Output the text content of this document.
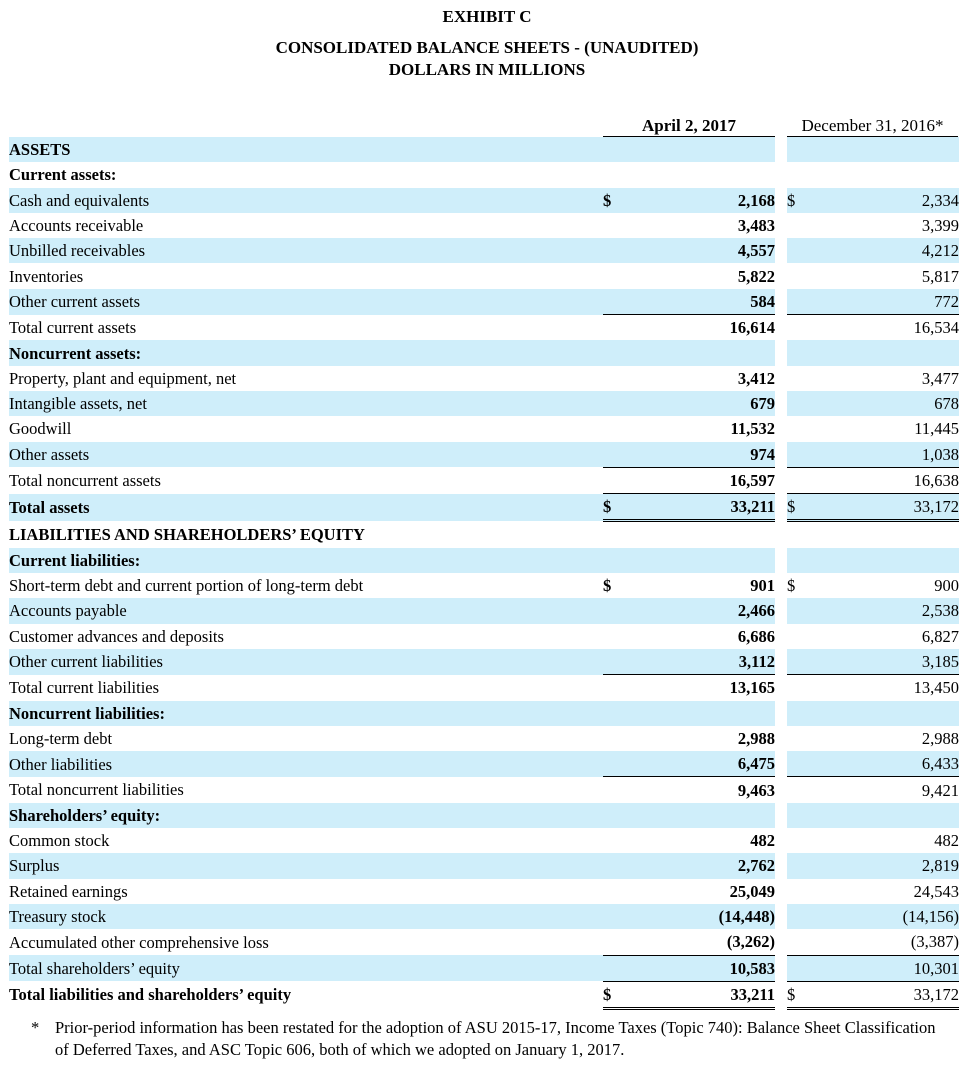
EXHIBIT C
CONSOLIDATED BALANCE SHEETS - (UNAUDITED)
DOLLARS IN MILLIONS
April 2, 2017	December 31, 2016*
ASSETS					
Current assets:					
Cash and equivalents	$	2,168		$	2,334
Accounts receivable		3,483			3,399
Unbilled receivables		4,557			4,212
Inventories		5,822			5,817
Other current assets		584			772
Total current assets		16,614			16,534
Noncurrent assets:					
Property, plant and equipment, net		3,412			3,477
Intangible assets, net		679			678
Goodwill		11,532			11,445
Other assets		974			1,038
Total noncurrent assets		16,597			16,638
Total assets	$	33,211		$	33,172
LIABILITIES AND SHAREHOLDERS’ EQUITY					
Current liabilities:					
Short-term debt and current portion of long-term debt	$	901		$	900
Accounts payable		2,466			2,538
Customer advances and deposits		6,686			6,827
Other current liabilities		3,112			3,185
Total current liabilities		13,165			13,450
Noncurrent liabilities:					
Long-term debt		2,988			2,988
Other liabilities		6,475			6,433
Total noncurrent liabilities		9,463			9,421
Shareholders’ equity:					
Common stock		482			482
Surplus		2,762			2,819
Retained earnings		25,049			24,543
Treasury stock		(14,448)			(14,156)
Accumulated other comprehensive loss		(3,262)			(3,387)
Total shareholders’ equity		10,583			10,301
Total liabilities and shareholders’ equity	$	33,211		$	33,172
* Prior-period information has been restated for the adoption of ASU 2015-17, Income Taxes (Topic 740): Balance Sheet Classification of Deferred Taxes, and ASC Topic 606, both of which we adopted on January 1, 2017.
